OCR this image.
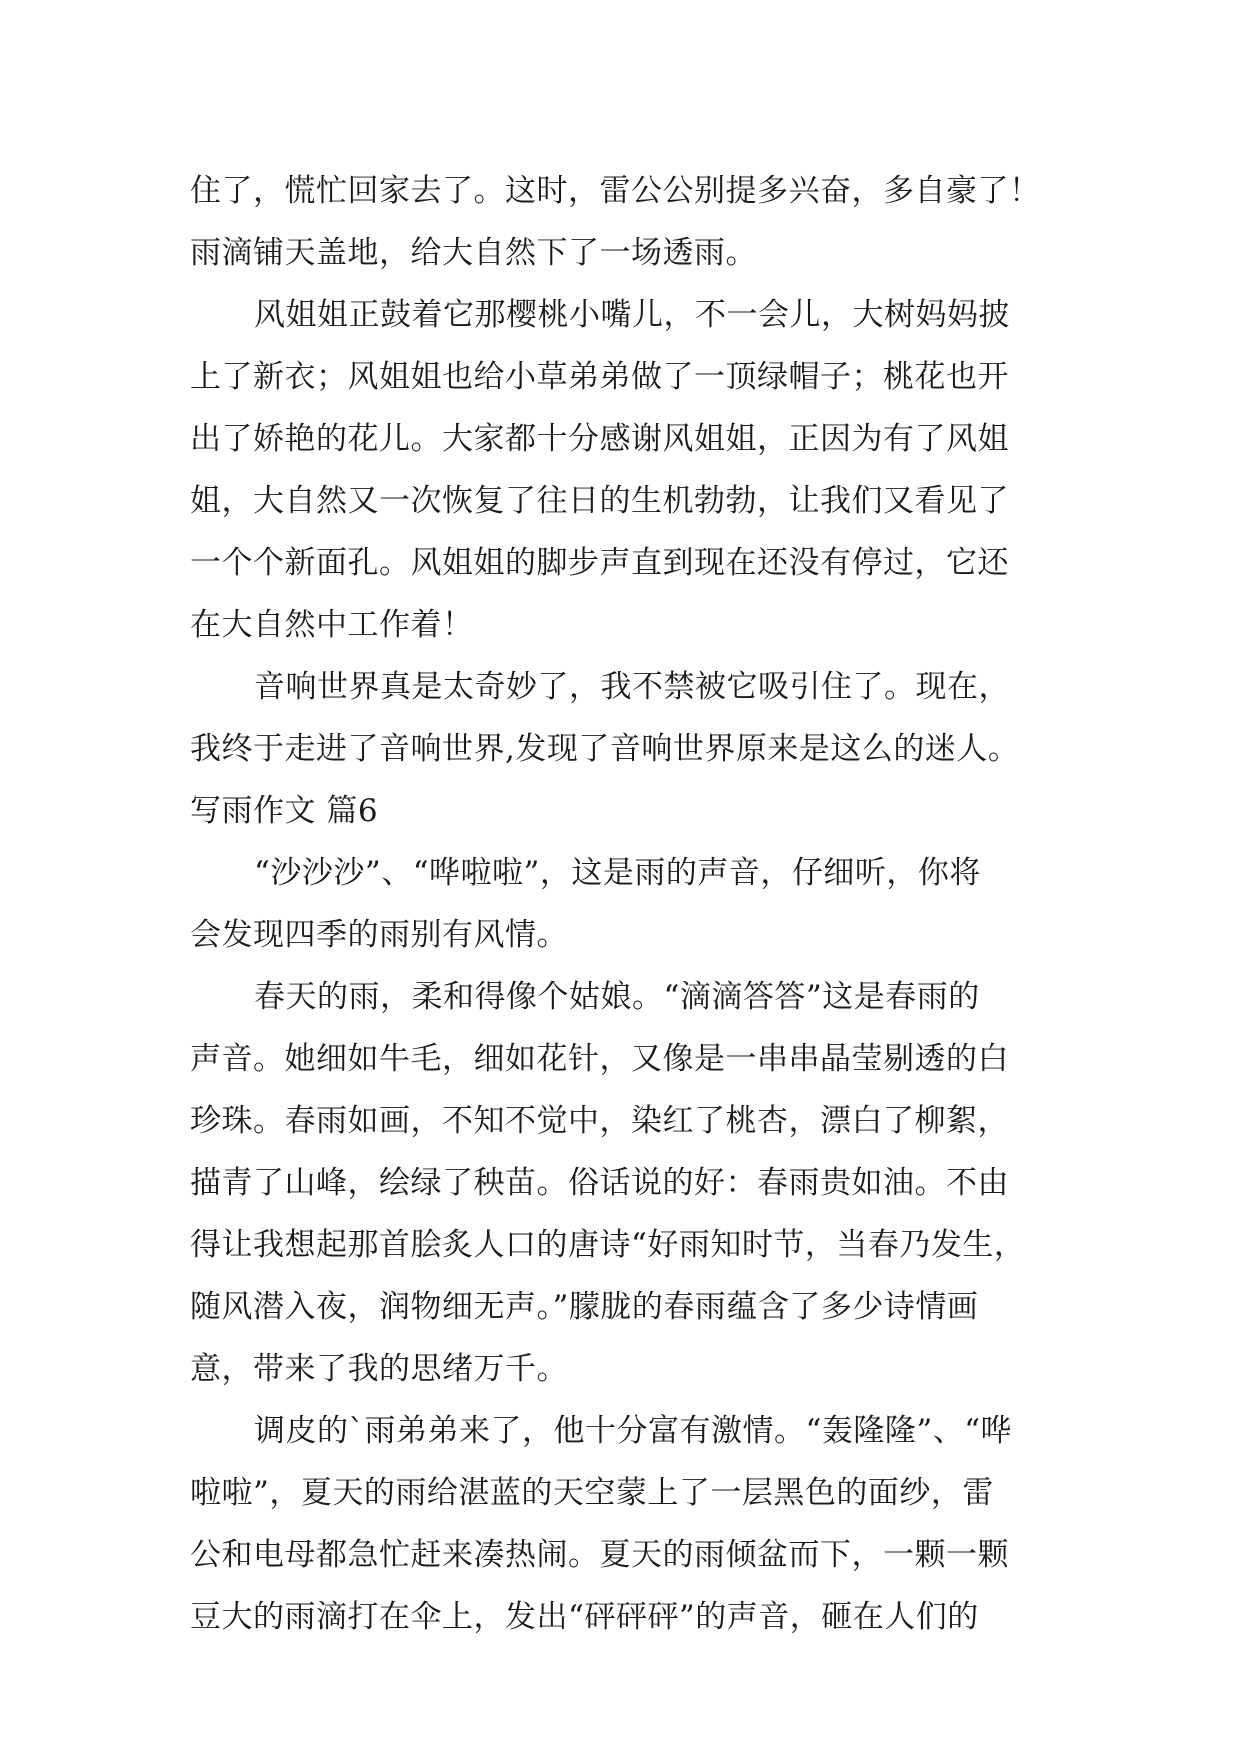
住了，慌忙回家去了。这时，雷公公别提多兴奋，多自豪了！
雨滴铺天盖地，给大自然下了一场透雨。
风姐姐正鼓着它那樱桃小嘴儿，不一会儿，大树妈妈披
上了新衣；风姐姐也给小草弟弟做了一顶绿帽子；桃花也开
出了娇艳的花儿。大家都十分感谢风姐姐，正因为有了风姐
姐，大自然又一次恢复了往日的生机勃勃，让我们又看见了
一个个新面孔。风姐姐的脚步声直到现在还没有停过，它还
在大自然中工作着！
音响世界真是太奇妙了，我不禁被它吸引住了。现在，
我终于走进了音响世界,发现了音响世界原来是这么的迷人。
写雨作文 篇6
“沙沙沙”、“哗啦啦”，这是雨的声音，仔细听，你将
会发现四季的雨别有风情。
春天的雨，柔和得像个姑娘。“滴滴答答”这是春雨的
声音。她细如牛毛，细如花针，又像是一串串晶莹剔透的白
珍珠。春雨如画，不知不觉中，染红了桃杏，漂白了柳絮，
描青了山峰，绘绿了秧苗。俗话说的好：春雨贵如油。不由
得让我想起那首脍炙人口的唐诗“好雨知时节，当春乃发生，
随风潜入夜，润物细无声。”朦胧的春雨蕴含了多少诗情画
意，带来了我的思绪万千。
调皮的`雨弟弟来了，他十分富有激情。“轰隆隆”、“哗
啦啦”，夏天的雨给湛蓝的天空蒙上了一层黑色的面纱，雷
公和电母都急忙赶来凑热闹。夏天的雨倾盆而下，一颗一颗
豆大的雨滴打在伞上，发出“砰砰砰”的声音，砸在人们的
